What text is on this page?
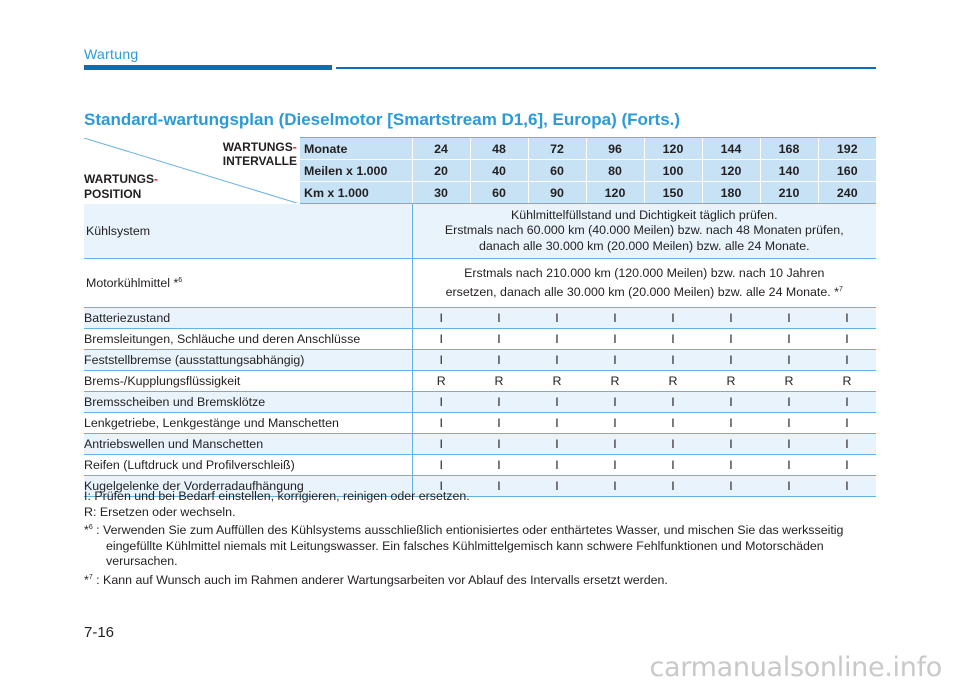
Wartung
Standard-wartungsplan (Dieselmotor [Smartstream D1,6], Europa) (Forts.)
WARTUNGS-
INTERVALLE
WARTUNGS-
POSITION	Monate	24	48	72	96	120	144	168	192
	Meilen x 1.000	20	40	60	80	100	120	140	160
	Km x 1.000	30	60	90	120	150	180	210	240
Kühlsystem		Kühlmittelfüllstand und Dichtigkeit täglich prüfen.
Erstmals nach 60.000 km (40.000 Meilen) bzw. nach 48 Monaten prüfen,
danach alle 30.000 km (20.000 Meilen) bzw. alle 24 Monate.							
Motorkühlmittel *$^6$		Erstmals nach 210.000 km (120.000 Meilen) bzw. nach 10 Jahren
ersetzen, danach alle 30.000 km (20.000 Meilen) bzw. alle 24 Monate. *$^7$
Batteriezustand		I	I	I	I	I	I	I	I
Bremsleitungen, Schläuche und deren Anschlüsse		I	I	I	I	I	I	I	I
Feststellbremse (ausstattungsabhängig)		I	I	I	I	I	I	I	I
Brems-/Kupplungsflüssigkeit		R	R	R	R	R	R	R	R
Bremsscheiben und Bremsklötze		I	I	I	I	I	I	I	I
Lenkgetriebe, Lenkgestänge und Manschetten		I	I	I	I	I	I	I	I
Antriebswellen und Manschetten		I	I	I	I	I	I	I	I
Reifen (Luftdruck und Profilverschleiß)		I	I	I	I	I	I	I	I
Kugelgelenke der Vorderradaufhängung		I	I	I	I	I	I	I	I

I: Prüfen und bei Bedarf einstellen, korrigieren, reinigen oder ersetzen.

R: Ersetzen oder wechseln.

*$^6$ : Verwenden Sie zum Auffüllen des Kühlsystems ausschließlich entionisiertes oder enthärtetes Wasser, und mischen Sie das werksseitig eingefüllte Kühlmittel niemals mit Leitungswasser. Ein falsches Kühlmittelgemisch kann schwere Fehlfunktionen und Motorschäden verursachen.

*$^7$ : Kann auf Wunsch auch im Rahmen anderer Wartungsarbeiten vor Ablauf des Intervalls ersetzt werden.

7-16
carmanualsonline.info
